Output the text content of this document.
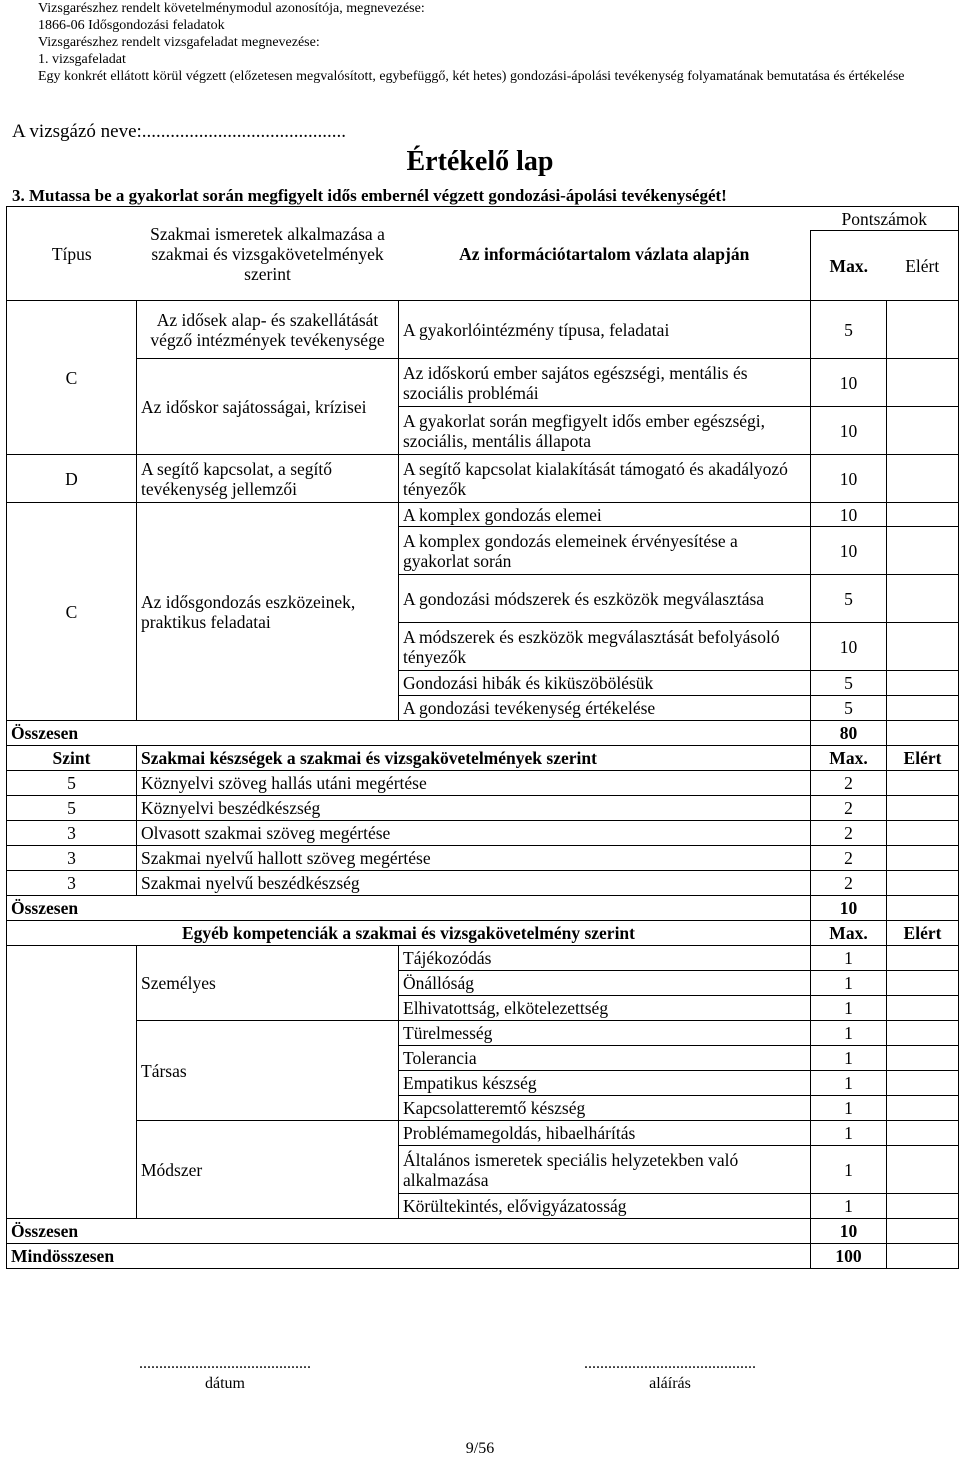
Vizsgarészhez rendelt követelménymodul azonosítója, megnevezése:
1866-06 Idősgondozási feladatok
Vizsgarészhez rendelt vizsgafeladat megnevezése:
1. vizsgafeladat
Egy konkrét ellátott körül végzett (előzetesen megvalósított, egybefüggő, két hetes) gondozási-ápolási tevékenység folyamatának bemutatása és értékelése
A vizsgázó neve:...........................................
Értékelő lap
3. Mutassa be a gyakorlat során megfigyelt idős embernél végzett gondozási-ápolási tevékenységét!
Típus	Szakmai ismeretek alkalmazása a szakmai és vizsgakövetelmények szerint	Az információtartalom vázlata alapján	Pontszámok	
			Max.	Elért
C	Az idősek alap- és szakellátását végző intézmények tevékenysége	A gyakorlóintézmény típusa, feladatai	5	
	Az időskor sajátosságai, krízisei	Az időskorú ember sajátos egészségi, mentális és szociális problémái	10	
		A gyakorlat során megfigyelt idős ember egészségi, szociális, mentális állapota	10	
D	A segítő kapcsolat, a segítő tevékenység jellemzői	A segítő kapcsolat kialakítását támogató és akadályozó tényezők	10	
C	Az idősgondozás eszközeinek, praktikus feladatai	A komplex gondozás elemei	10	
		A komplex gondozás elemeinek érvényesítése a gyakorlat során	10	
		A gondozási módszerek és eszközök megválasztása	5	
		A módszerek és eszközök megválasztását befolyásoló tényezők	10	
		Gondozási hibák és kiküszöbölésük	5	
		A gondozási tevékenység értékelése	5	
Összesen			80	
Szint	Szakmai készségek a szakmai és vizsgakövetelmények szerint		Max.	Elért
5	Köznyelvi szöveg hallás utáni megértése		2	
5	Köznyelvi beszédkészség		2	
3	Olvasott szakmai szöveg megértése		2	
3	Szakmai nyelvű hallott szöveg megértése		2	
3	Szakmai nyelvű beszédkészség		2	
Összesen			10	
Egyéb kompetenciák a szakmai és vizsgakövetelmény szerint			Max.	Elért
	Személyes	Tájékozódás	1	
		Önállóság	1	
		Elhivatottság, elkötelezettség	1	
	Társas	Türelmesség	1	
		Tolerancia	1	
		Empatikus készség	1	
		Kapcsolatteremtő készség	1	
	Módszer	Problémamegoldás, hibaelhárítás	1	
		Általános ismeretek speciális helyzetekben való alkalmazása	1	
		Körültekintés, elővigyázatosság	1	
Összesen			10	
Mindösszesen			100	
...........................................
dátum
...........................................
aláírás
9/56
